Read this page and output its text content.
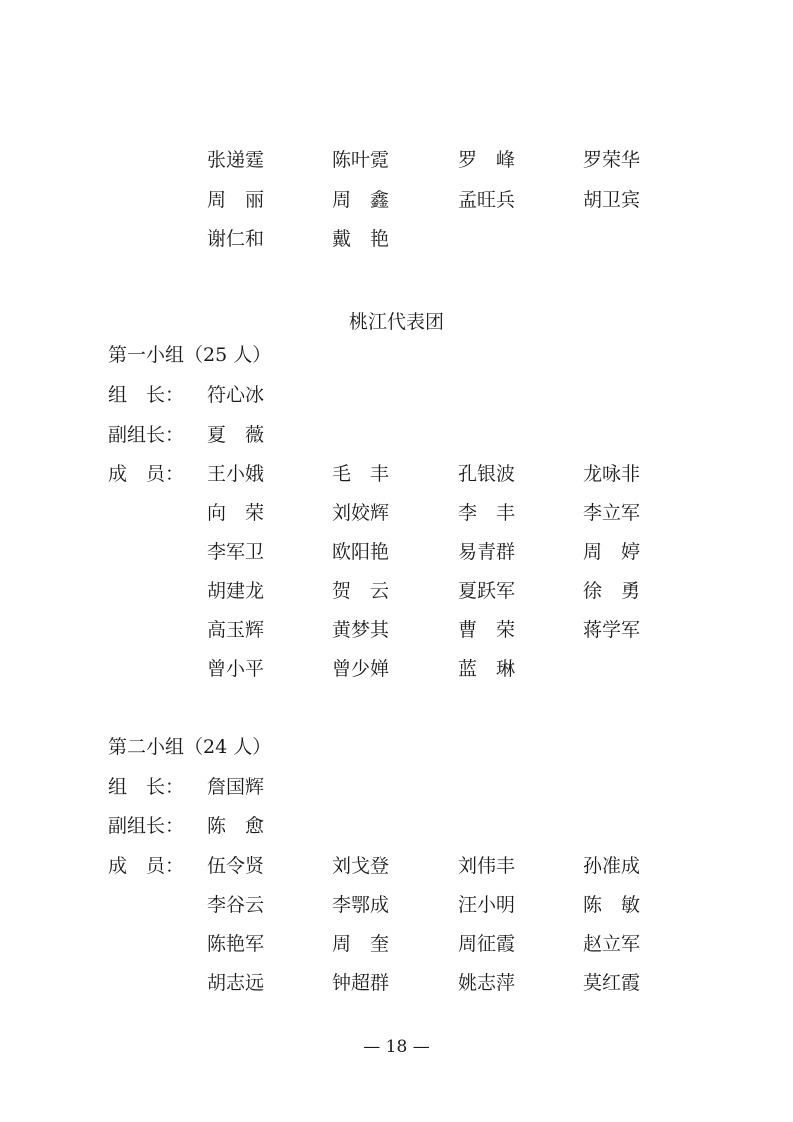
张递霆	陈叶霓	罗　峰	罗荣华
周　丽	周　鑫	孟旺兵	胡卫宾
谢仁和	戴　艳
桃江代表团
第一小组（25 人）
组　长： 符心冰
副组长： 夏　薇
成　员： 王小娥	毛　丰	孔银波	龙咏非
向　荣	刘姣辉	李　丰	李立军
李军卫	欧阳艳	易青群	周　婷
胡建龙	贺　云	夏跃军	徐　勇
高玉辉	黄梦其	曹　荣	蒋学军
曾小平	曾少婵	蓝　琳
第二小组（24 人）
组　长： 詹国辉
副组长： 陈　愈
成　员： 伍令贤	刘戈登	刘伟丰	孙准成
李谷云	李鄂成	汪小明	陈　敏
陈艳军	周　奎	周征霞	赵立军
胡志远	钟超群	姚志萍	莫红霞
— 18 —
